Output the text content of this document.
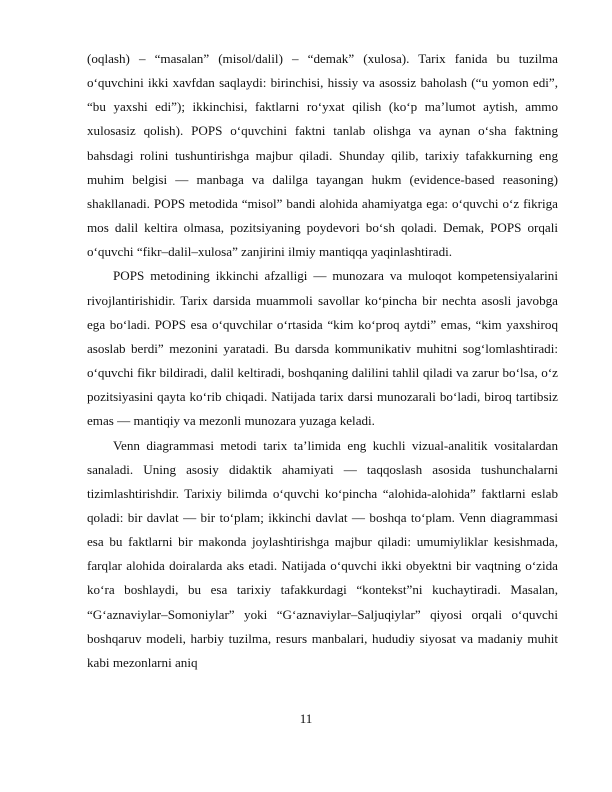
(oqlash) – “masalan” (misol/dalil) – “demak” (xulosa). Tarix fanida bu tuzilma o‘quvchini ikki xavfdan saqlaydi: birinchisi, hissiy va asossiz baholash (“u yomon edi”, “bu yaxshi edi”); ikkinchisi, faktlarni ro‘yxat qilish (ko‘p ma’lumot aytish, ammo xulosasiz qolish). POPS o‘quvchini faktni tanlab olishga va aynan o‘sha faktning bahsdagi rolini tushuntirishga majbur qiladi. Shunday qilib, tarixiy tafakkurning eng muhim belgisi — manbaga va dalilga tayangan hukm (evidence-based reasoning) shakllanadi. POPS metodida “misol” bandi alohida ahamiyatga ega: o‘quvchi o‘z fikriga mos dalil keltira olmasa, pozitsiyaning poydevori bo‘sh qoladi. Demak, POPS orqali o‘quvchi “fikr–dalil–xulosa” zanjirini ilmiy mantiqqa yaqinlashtiradi.

POPS metodining ikkinchi afzalligi — munozara va muloqot kompetensiyalarini rivojlantirishidir. Tarix darsida muammoli savollar ko‘pincha bir nechta asosli javobga ega bo‘ladi. POPS esa o‘quvchilar o‘rtasida “kim ko‘proq aytdi” emas, “kim yaxshiroq asoslab berdi” mezonini yaratadi. Bu darsda kommunikativ muhitni sog‘lomlashtiradi: o‘quvchi fikr bildiradi, dalil keltiradi, boshqaning dalilini tahlil qiladi va zarur bo‘lsa, o‘z pozitsiyasini qayta ko‘rib chiqadi. Natijada tarix darsi munozarali bo‘ladi, biroq tartibsiz emas — mantiqiy va mezonli munozara yuzaga keladi.

Venn diagrammasi metodi tarix ta’limida eng kuchli vizual-analitik vositalardan sanaladi. Uning asosiy didaktik ahamiyati — taqqoslash asosida tushunchalarni tizimlashtirishdir. Tarixiy bilimda o‘quvchi ko‘pincha “alohida-alohida” faktlarni eslab qoladi: bir davlat — bir to‘plam; ikkinchi davlat — boshqa to‘plam. Venn diagrammasi esa bu faktlarni bir makonda joylashtirishga majbur qiladi: umumiyliklar kesishmada, farqlar alohida doiralarda aks etadi. Natijada o‘quvchi ikki obyektni bir vaqtning o‘zida ko‘ra boshlaydi, bu esa tarixiy tafakkurdagi “kontekst”ni kuchaytiradi. Masalan, “G‘aznaviylar–Somoniylar” yoki “G‘aznaviylar–Saljuqiylar” qiyosi orqali o‘quvchi boshqaruv modeli, harbiy tuzilma, resurs manbalari, hududiy siyosat va madaniy muhit kabi mezonlarni aniq

11
